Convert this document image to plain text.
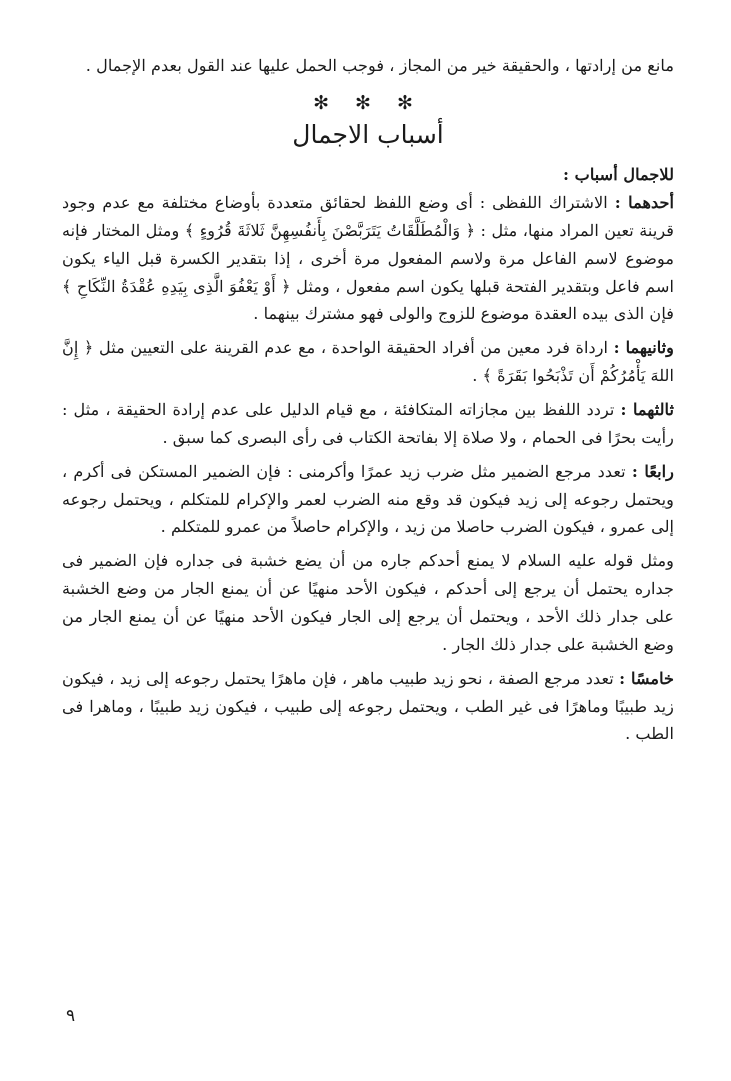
مانع من إرادتها ، والحقيقة خير من المجاز ، فوجب الحمل عليها عند القول بعدم الإجمال .

✻ ✻ ✻
أسباب الاجمال

للاجمال أسباب :

أحدهما : الاشتراك اللفظى : أى وضع اللفظ لحقائق متعددة بأوضاع مختلفة مع عدم وجود قرينة تعين المراد منها، مثل : ﴿ وَالْمُطَلَّقَاتُ يَتَرَبَّصْنَ بِأَنفُسِهِنَّ ثَلاثَةَ قُرُوءٍ ﴾ ومثل المختار فإنه موضوع لاسم الفاعل مرة ولاسم المفعول مرة أخرى ، إذا بتقدير الكسرة قبل الياء يكون اسم فاعل وبتقدير الفتحة قبلها يكون اسم مفعول ، ومثل ﴿ أَوْ يَعْفُوَ الَّذِى بِيَدِهِ عُقْدَةُ النِّكَاحِ ﴾ فإن الذى بيده العقدة موضوع للزوج والولى فهو مشترك بينهما .

وثانيهما : ارداة فرد معين من أفراد الحقيقة الواحدة ، مع عدم القرينة على التعيين مثل ﴿ إِنَّ اللهَ يَأْمُرُكُمْ أَن تَذْبَحُوا بَقَرَةً ﴾ .

ثالثهما : تردد اللفظ بين مجازاته المتكافئة ، مع قيام الدليل على عدم إرادة الحقيقة ، مثل : رأيت بحرًا فى الحمام ، ولا صلاة إلا بفاتحة الكتاب فى رأى البصرى كما سبق .

رابعًا : تعدد مرجع الضمير مثل ضرب زيد عمرًا وأكرمنى : فإن الضمير المستكن فى أكرم ، ويحتمل رجوعه إلى زيد فيكون قد وقع منه الضرب لعمر والإكرام للمتكلم ، ويحتمل رجوعه إلى عمرو ، فيكون الضرب حاصلا من زيد ، والإكرام حاصلاً من عمرو للمتكلم .

ومثل قوله عليه السلام لا يمنع أحدكم جاره من أن يضع خشبة فى جداره فإن الضمير فى جداره يحتمل أن يرجع إلى أحدكم ، فيكون الأحد منهيًا عن أن يمنع الجار من وضع الخشبة على جدار ذلك الأحد ، ويحتمل أن يرجع إلى الجار فيكون الأحد منهيًا عن أن يمنع الجار من وضع الخشبة على جدار ذلك الجار .

خامسًا : تعدد مرجع الصفة ، نحو زيد طبيب ماهر ، فإن ماهرًا يحتمل رجوعه إلى زيد ، فيكون زيد طبيبًا وماهرًا فى غير الطب ، ويحتمل رجوعه إلى طبيب ، فيكون زيد طبيبًا ، وماهرا فى الطب .

٩
